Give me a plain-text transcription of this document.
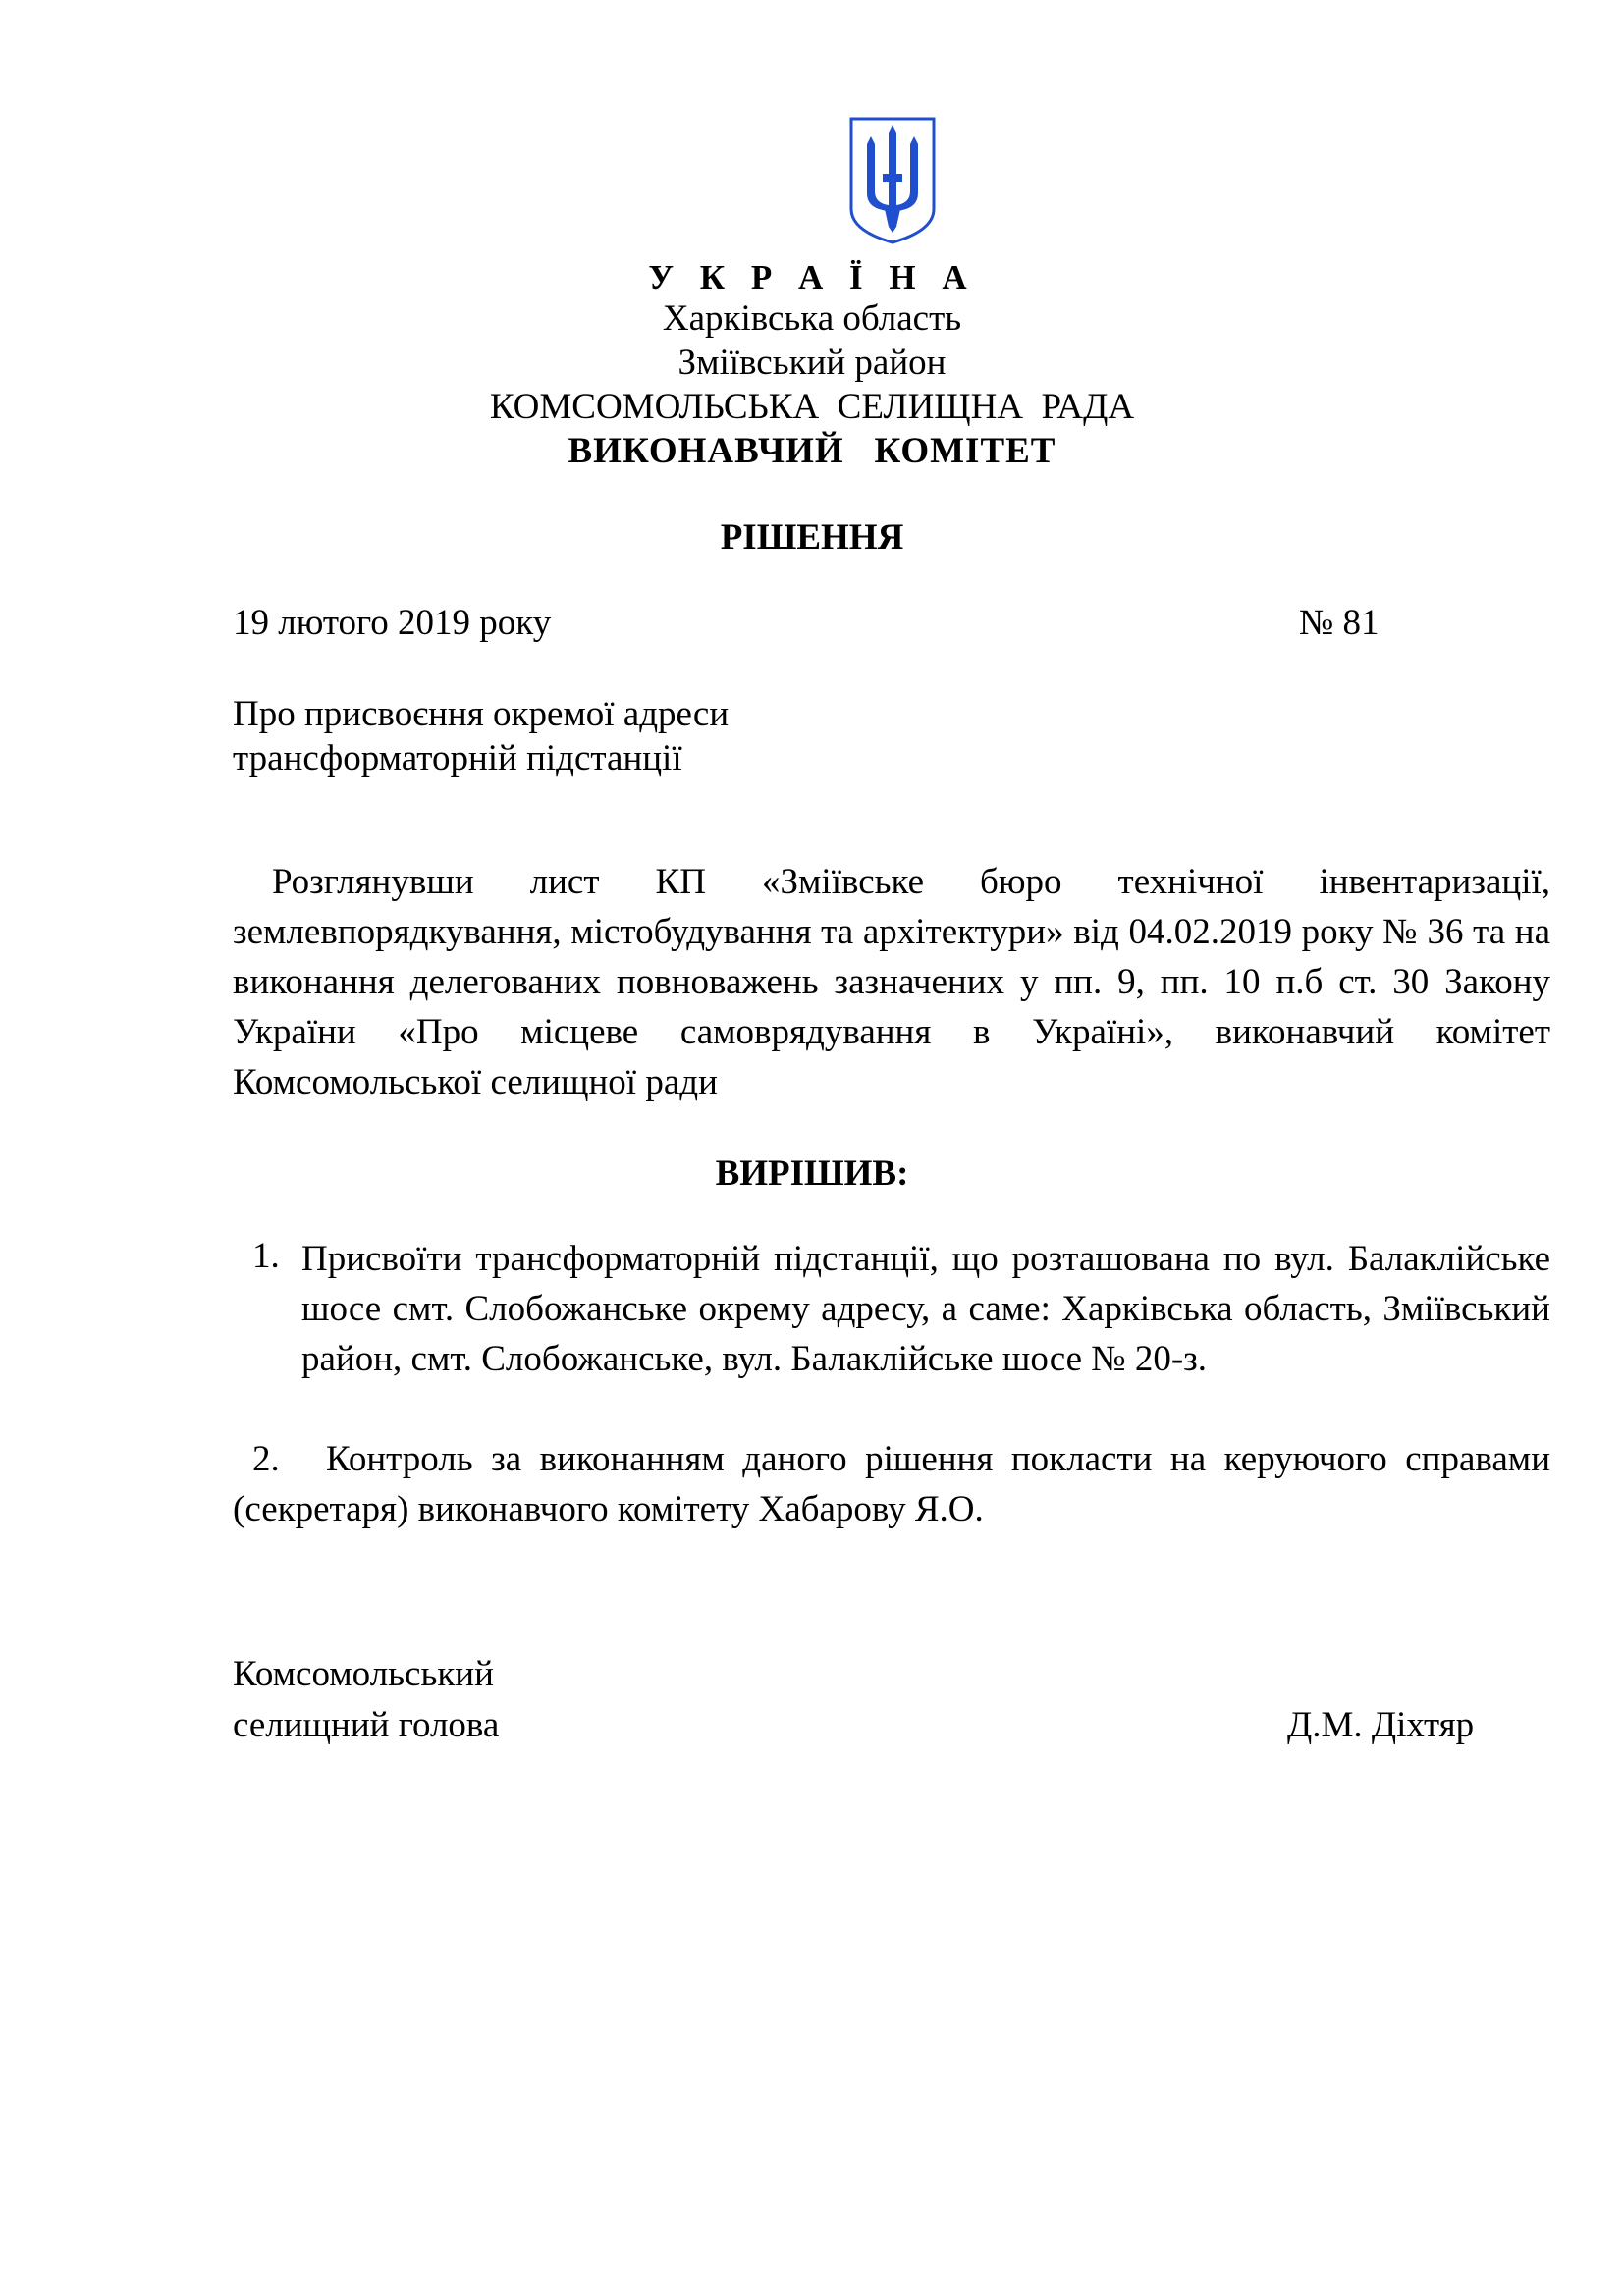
У К Р А Ї Н А
Харківська область
Зміївський район
КОМСОМОЛЬСЬКА  СЕЛИЩНА  РАДА
ВИКОНАВЧИЙ   КОМІТЕТ
РІШЕННЯ
19 лютого 2019 року	№ 81
Про присвоєння окремої адреси
трансформаторній підстанції
Розглянувши лист КП «Зміївське бюро технічної інвентаризації, землевпорядкування, містобудування та архітектури» від 04.02.2019 року № 36 та на виконання делегованих повноважень зазначених у пп. 9, пп. 10 п.б ст. 30 Закону України «Про місцеве самоврядування в Україні», виконавчий комітет Комсомольської селищної ради
ВИРІШИВ:
1. Присвоїти трансформаторній підстанції, що розташована по вул. Балаклійське шосе смт. Слобожанське окрему адресу, а саме: Харківська область, Зміївський район, смт. Слобожанське, вул. Балаклійське шосе № 20-з.
2. Контроль за виконанням даного рішення покласти на керуючого справами (секретаря) виконавчого комітету Хабарову Я.О.
Комсомольський
селищний голова	Д.М. Діхтяр
